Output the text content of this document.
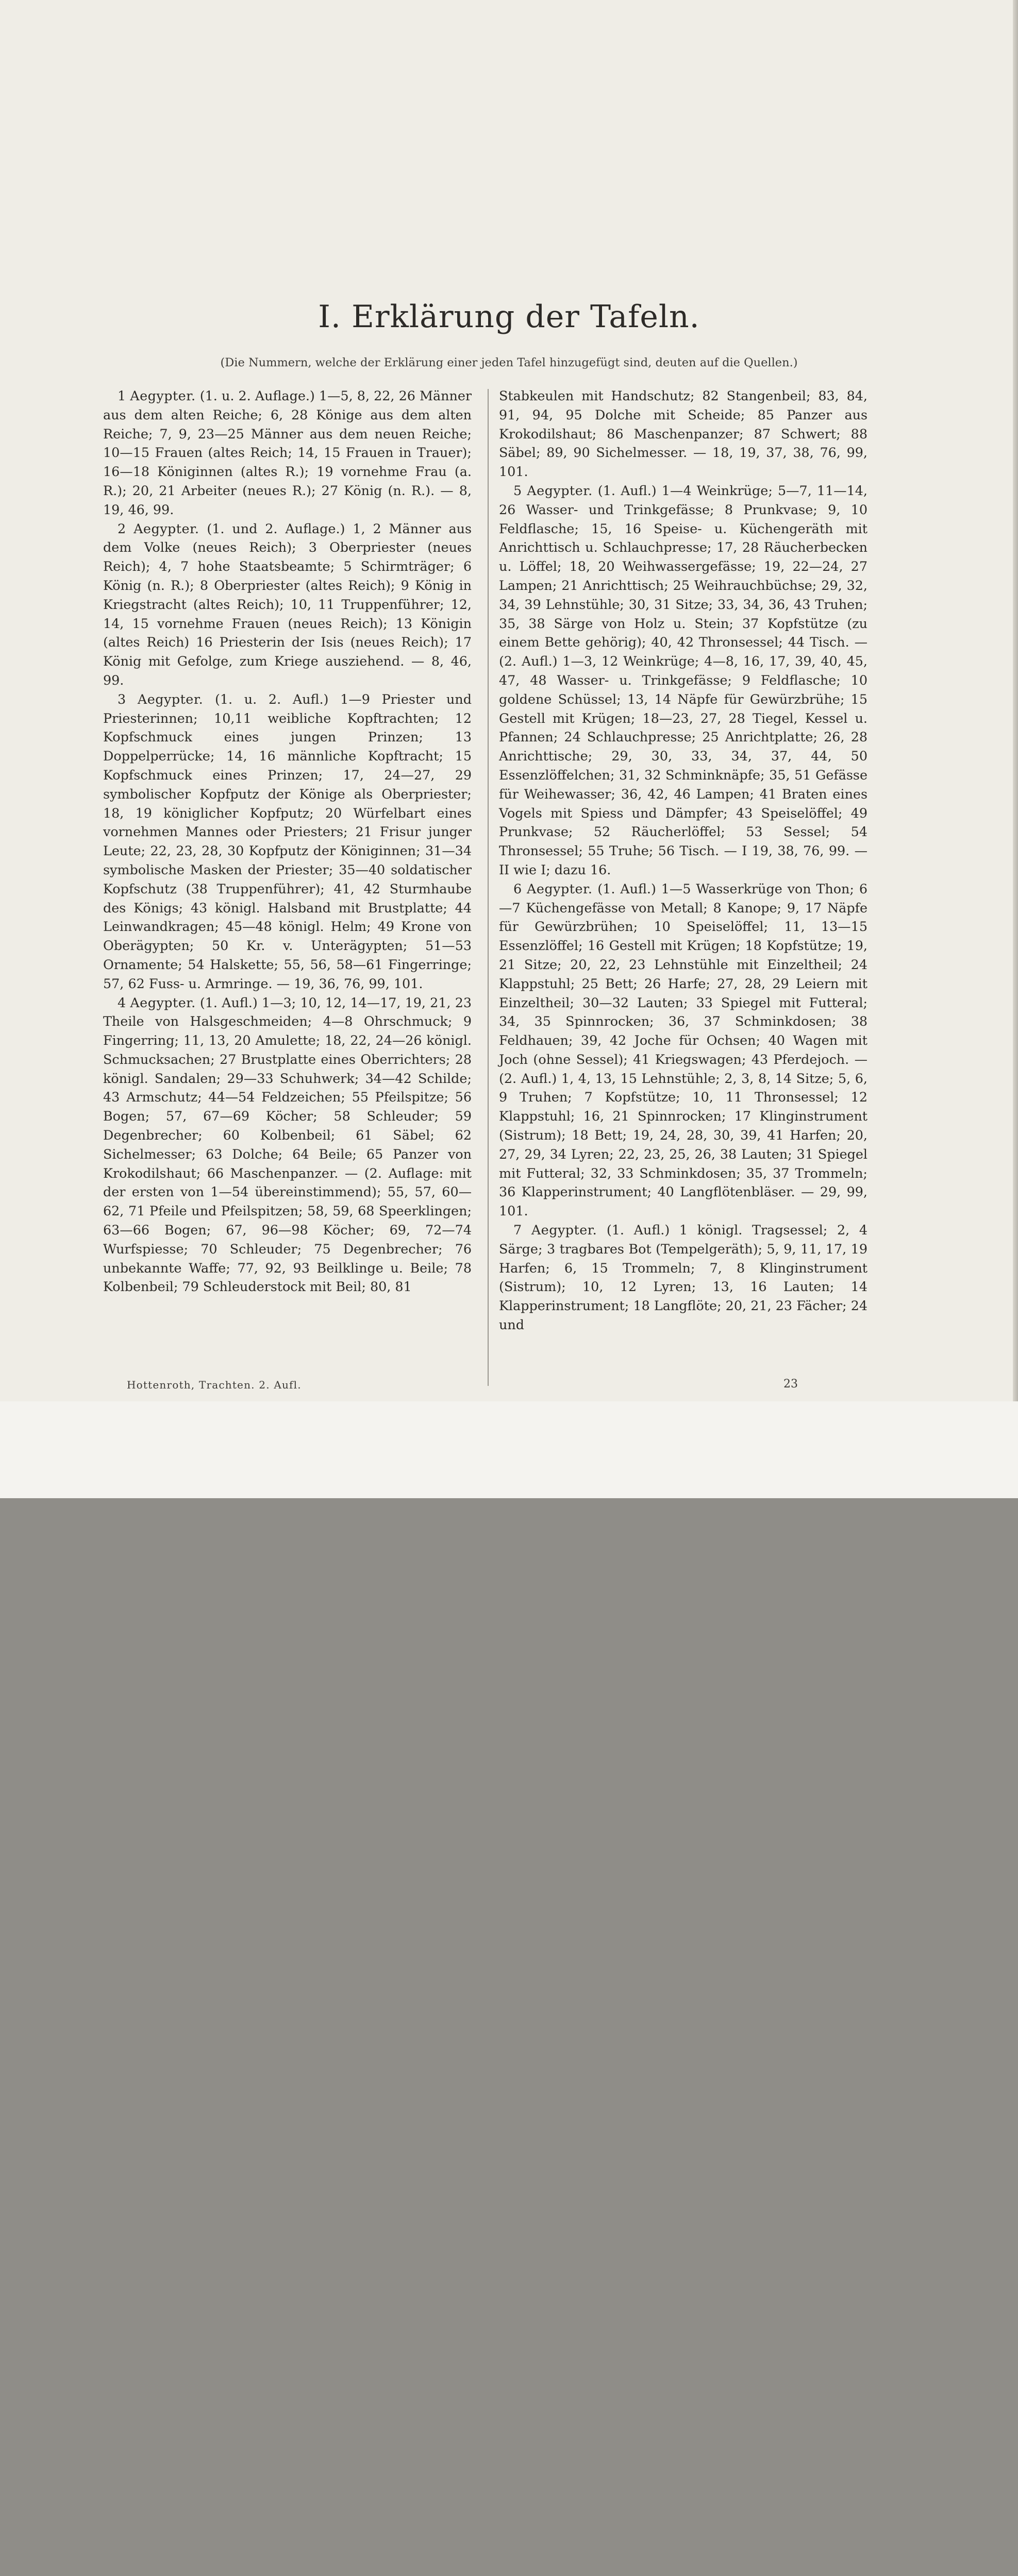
I. Erklärung der Tafeln.
(Die Nummern, welche der Erklärung einer jeden Tafel hinzugefügt sind, deuten auf die Quellen.)

1 Aegypter. (1. u. 2. Auflage.) 1—5, 8, 22, 26 Männer aus dem alten Reiche; 6, 28 Könige aus dem alten Reiche; 7, 9, 23—25 Männer aus dem neuen Reiche; 10—15 Frauen (altes Reich; 14, 15 Frauen in Trauer); 16—18 Königinnen (altes R.); 19 vornehme Frau (a. R.); 20, 21 Arbeiter (neues R.); 27 König (n. R.). — 8, 19, 46, 99.

2 Aegypter. (1. und 2. Auflage.) 1, 2 Männer aus dem Volke (neues Reich); 3 Oberpriester (neues Reich); 4, 7 hohe Staatsbeamte; 5 Schirmträger; 6 König (n. R.); 8 Oberpriester (altes Reich); 9 König in Kriegstracht (altes Reich); 10, 11 Truppenführer; 12, 14, 15 vornehme Frauen (neues Reich); 13 Königin (altes Reich) 16 Priesterin der Isis (neues Reich); 17 König mit Gefolge, zum Kriege ausziehend. — 8, 46, 99.

3 Aegypter. (1. u. 2. Aufl.) 1—9 Priester und Priesterinnen; 10,11 weibliche Kopftrachten; 12 Kopfschmuck eines jungen Prinzen; 13 Doppelperrücke; 14, 16 männliche Kopftracht; 15 Kopfschmuck eines Prinzen; 17, 24—27, 29 symbolischer Kopfputz der Könige als Oberpriester; 18, 19 königlicher Kopfputz; 20 Würfelbart eines vornehmen Mannes oder Priesters; 21 Frisur junger Leute; 22, 23, 28, 30 Kopfputz der Königinnen; 31—34 symbolische Masken der Priester; 35—40 soldatischer Kopfschutz (38 Truppenführer); 41, 42 Sturmhaube des Königs; 43 königl. Halsband mit Brustplatte; 44 Leinwandkragen; 45—48 königl. Helm; 49 Krone von Oberägypten; 50 Kr. v. Unterägypten; 51—53 Ornamente; 54 Halskette; 55, 56, 58—61 Fingerringe; 57, 62 Fuss- u. Armringe. — 19, 36, 76, 99, 101.

4 Aegypter. (1. Aufl.) 1—3; 10, 12, 14—17, 19, 21, 23 Theile von Halsgeschmeiden; 4—8 Ohrschmuck; 9 Fingerring; 11, 13, 20 Amulette; 18, 22, 24—26 königl. Schmucksachen; 27 Brustplatte eines Oberrichters; 28 königl. Sandalen; 29—33 Schuhwerk; 34—42 Schilde; 43 Armschutz; 44—54 Feldzeichen; 55 Pfeilspitze; 56 Bogen; 57, 67—69 Köcher; 58 Schleuder; 59 Degenbrecher; 60 Kolbenbeil; 61 Säbel; 62 Sichelmesser; 63 Dolche; 64 Beile; 65 Panzer von Krokodilshaut; 66 Maschenpanzer. — (2. Auflage: mit der ersten von 1—54 übereinstimmend); 55, 57, 60—62, 71 Pfeile und Pfeilspitzen; 58, 59, 68 Speerklingen; 63—66 Bogen; 67, 96—98 Köcher; 69, 72—74 Wurfspiesse; 70 Schleuder; 75 Degenbrecher; 76 unbekannte Waffe; 77, 92, 93 Beilklinge u. Beile; 78 Kolbenbeil; 79 Schleuderstock mit Beil; 80, 81

Stabkeulen mit Handschutz; 82 Stangenbeil; 83, 84, 91, 94, 95 Dolche mit Scheide; 85 Panzer aus Krokodilshaut; 86 Maschenpanzer; 87 Schwert; 88 Säbel; 89, 90 Sichelmesser. — 18, 19, 37, 38, 76, 99, 101.

5 Aegypter. (1. Aufl.) 1—4 Weinkrüge; 5—7, 11—14, 26 Wasser- und Trinkgefässe; 8 Prunkvase; 9, 10 Feldflasche; 15, 16 Speise- u. Küchengeräth mit Anrichttisch u. Schlauchpresse; 17, 28 Räucherbecken u. Löffel; 18, 20 Weihwassergefässe; 19, 22—24, 27 Lampen; 21 Anrichttisch; 25 Weihrauchbüchse; 29, 32, 34, 39 Lehnstühle; 30, 31 Sitze; 33, 34, 36, 43 Truhen; 35, 38 Särge von Holz u. Stein; 37 Kopfstütze (zu einem Bette gehörig); 40, 42 Thronsessel; 44 Tisch. — (2. Aufl.) 1—3, 12 Weinkrüge; 4—8, 16, 17, 39, 40, 45, 47, 48 Wasser- u. Trinkgefässe; 9 Feldflasche; 10 goldene Schüssel; 13, 14 Näpfe für Gewürzbrühe; 15 Gestell mit Krügen; 18—23, 27, 28 Tiegel, Kessel u. Pfannen; 24 Schlauchpresse; 25 Anrichtplatte; 26, 28 Anrichttische; 29, 30, 33, 34, 37, 44, 50 Essenzlöffelchen; 31, 32 Schminknäpfe; 35, 51 Gefässe für Weihewasser; 36, 42, 46 Lampen; 41 Braten eines Vogels mit Spiess und Dämpfer; 43 Speiselöffel; 49 Prunkvase; 52 Räucherlöffel; 53 Sessel; 54 Thronsessel; 55 Truhe; 56 Tisch. — I 19, 38, 76, 99. — II wie I; dazu 16.

6 Aegypter. (1. Aufl.) 1—5 Wasserkrüge von Thon; 6—7 Küchengefässe von Metall; 8 Kanope; 9, 17 Näpfe für Gewürzbrühen; 10 Speiselöffel; 11, 13—15 Essenzlöffel; 16 Gestell mit Krügen; 18 Kopfstütze; 19, 21 Sitze; 20, 22, 23 Lehnstühle mit Einzeltheil; 24 Klappstuhl; 25 Bett; 26 Harfe; 27, 28, 29 Leiern mit Einzeltheil; 30—32 Lauten; 33 Spiegel mit Futteral; 34, 35 Spinnrocken; 36, 37 Schminkdosen; 38 Feldhauen; 39, 42 Joche für Ochsen; 40 Wagen mit Joch (ohne Sessel); 41 Kriegswagen; 43 Pferdejoch. — (2. Aufl.) 1, 4, 13, 15 Lehnstühle; 2, 3, 8, 14 Sitze; 5, 6, 9 Truhen; 7 Kopfstütze; 10, 11 Thronsessel; 12 Klappstuhl; 16, 21 Spinnrocken; 17 Klinginstrument (Sistrum); 18 Bett; 19, 24, 28, 30, 39, 41 Harfen; 20, 27, 29, 34 Lyren; 22, 23, 25, 26, 38 Lauten; 31 Spiegel mit Futteral; 32, 33 Schminkdosen; 35, 37 Trommeln; 36 Klapperinstrument; 40 Langflötenbläser. — 29, 99, 101.

7 Aegypter. (1. Aufl.) 1 königl. Tragsessel; 2, 4 Särge; 3 tragbares Bot (Tempelgeräth); 5, 9, 11, 17, 19 Harfen; 6, 15 Trommeln; 7, 8 Klinginstrument (Sistrum); 10, 12 Lyren; 13, 16 Lauten; 14 Klapperinstrument; 18 Langflöte; 20, 21, 23 Fächer; 24 und

Hottenroth, Trachten. 2. Aufl.	23
